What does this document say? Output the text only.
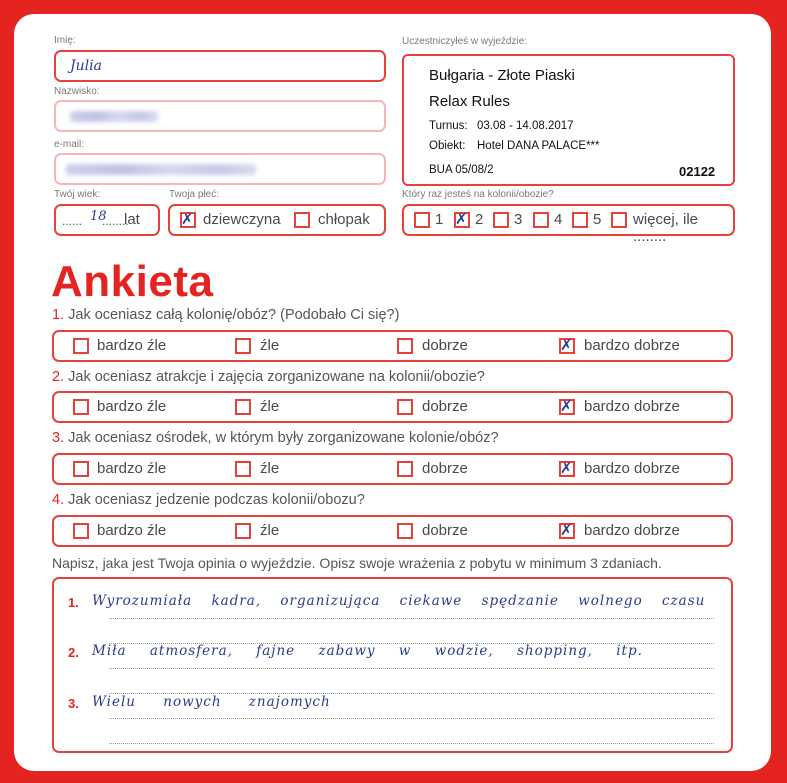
Imię:
Julia
Nazwisko:
e-mail:
Twój wiek:
...... 18
........
lat
Twoja płeć:
✗ dziewczyna chłopak
Uczestniczyłeś w wyjeździe:
Bułgaria - Złote Piaski
Relax Rules
Turnus: 03.08 - 14.08.2017
Obiekt: Hotel DANA PALACE***
BUA 05/08/2	02122
Który raz jesteś na kolonii/obozie?
1 ✗ 2 3 4 5 więcej, ile ........
Ankieta
1. Jak oceniasz całą kolonię/obóz? (Podobało Ci się?)
bardzo źle	źle	dobrze	✗ bardzo dobrze
2. Jak oceniasz atrakcje i zajęcia zorganizowane na kolonii/obozie?
bardzo źle	źle	dobrze	✗ bardzo dobrze
3. Jak oceniasz ośrodek, w którym były zorganizowane kolonie/obóz?
bardzo źle	źle	dobrze	✗ bardzo dobrze
4. Jak oceniasz jedzenie podczas kolonii/obozu?
bardzo źle	źle	dobrze	✗ bardzo dobrze
Napisz, jaka jest Twoja opinia o wyjeździe. Opisz swoje wrażenia z pobytu w minimum 3 zdaniach.
1. Wyrozumiała kadra, organizująca ciekawe spędzanie wolnego czasu
2. Miła atmosfera, fajne zabawy w wodzie, shopping, itp.
3. Wielu nowych znajomych
